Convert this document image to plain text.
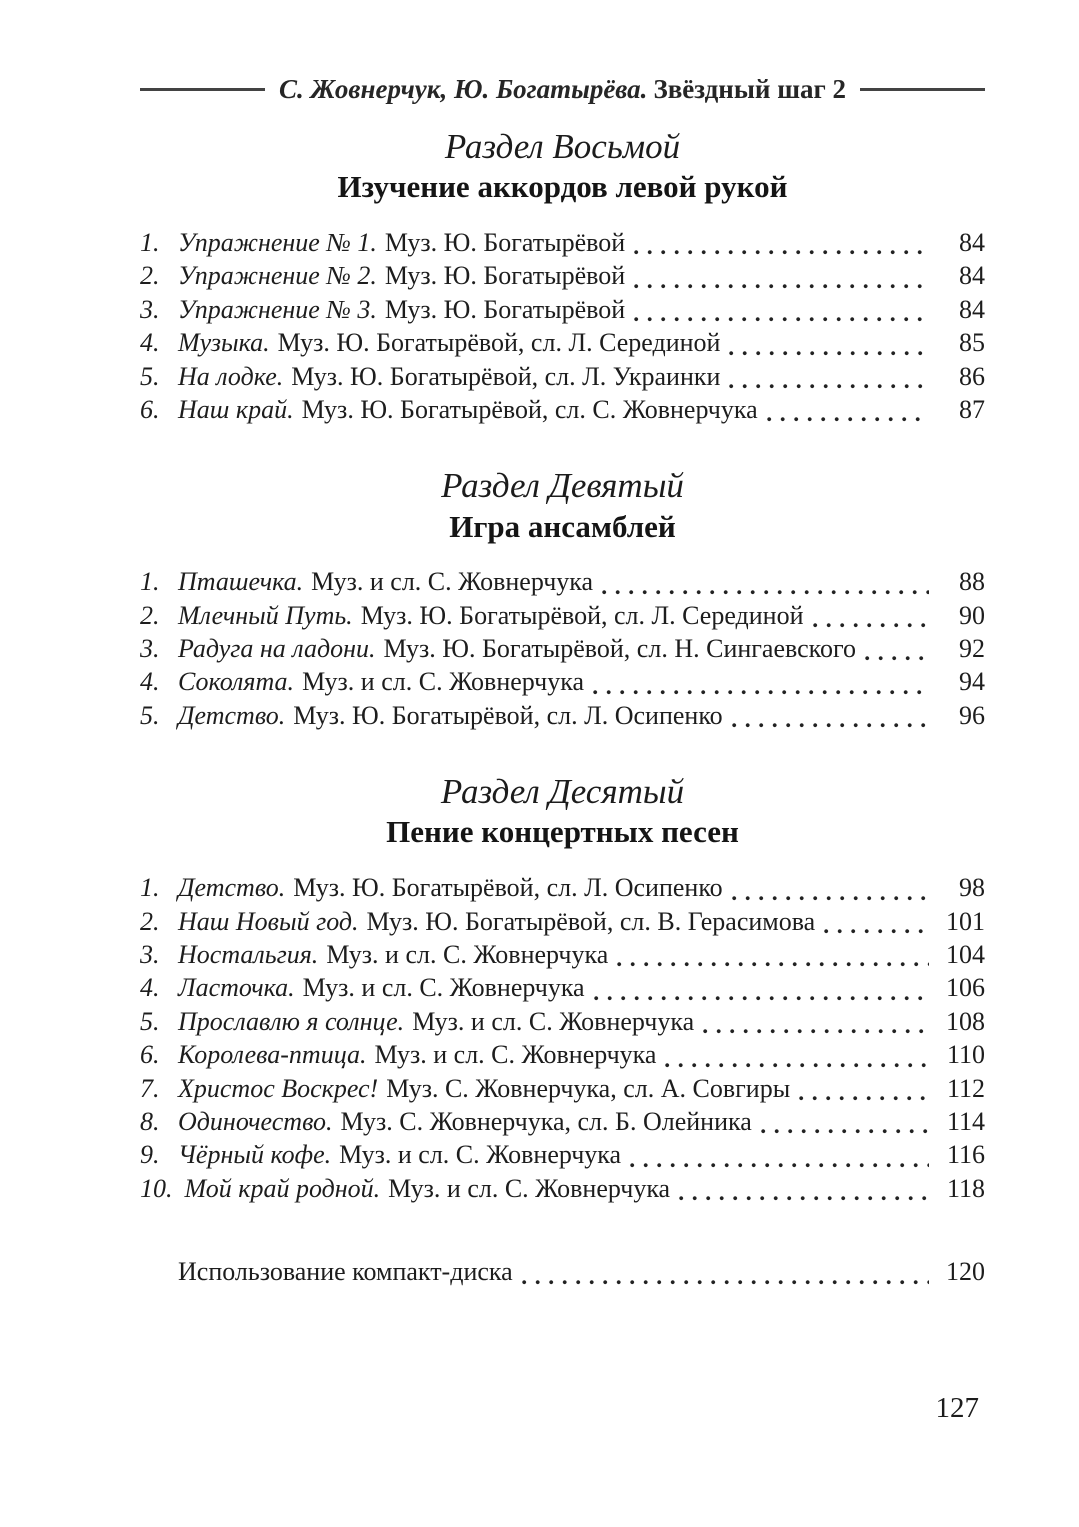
С. Жовнерчук, Ю. Богатырёва. Звёздный шаг 2
Раздел Восьмой
Изучение аккордов левой рукой
1. Упражнение № 1. Муз. Ю. Богатырёвой	84
2. Упражнение № 2. Муз. Ю. Богатырёвой	84
3. Упражнение № 3. Муз. Ю. Богатырёвой	84
4. Музыка. Муз. Ю. Богатырёвой, сл. Л. Серединой	85
5. На лодке. Муз. Ю. Богатырёвой, сл. Л. Украинки	86
6. Наш край. Муз. Ю. Богатырёвой, сл. С. Жовнерчука	87
Раздел Девятый
Игра ансамблей
1. Пташечка. Муз. и сл. С. Жовнерчука	88
2. Млечный Путь. Муз. Ю. Богатырёвой, сл. Л. Серединой	90
3. Радуга на ладони. Муз. Ю. Богатырёвой, сл. Н. Сингаевского	92
4. Соколята. Муз. и сл. С. Жовнерчука	94
5. Детство. Муз. Ю. Богатырёвой, сл. Л. Осипенко	96
Раздел Десятый
Пение концертных песен
1. Детство. Муз. Ю. Богатырёвой, сл. Л. Осипенко	98
2. Наш Новый год. Муз. Ю. Богатырёвой, сл. В. Герасимова	101
3. Ностальгия. Муз. и сл. С. Жовнерчука	104
4. Ласточка. Муз. и сл. С. Жовнерчука	106
5. Прославлю я солнце. Муз. и сл. С. Жовнерчука	108
6. Королева-птица. Муз. и сл. С. Жовнерчука	110
7. Христос Воскрес! Муз. С. Жовнерчука, сл. А. Совгиры	112
8. Одиночество. Муз. С. Жовнерчука, сл. Б. Олейника	114
9. Чёрный кофе. Муз. и сл. С. Жовнерчука	116
10. Мой край родной. Муз. и сл. С. Жовнерчука	118
Использование компакт-диска	120
127
